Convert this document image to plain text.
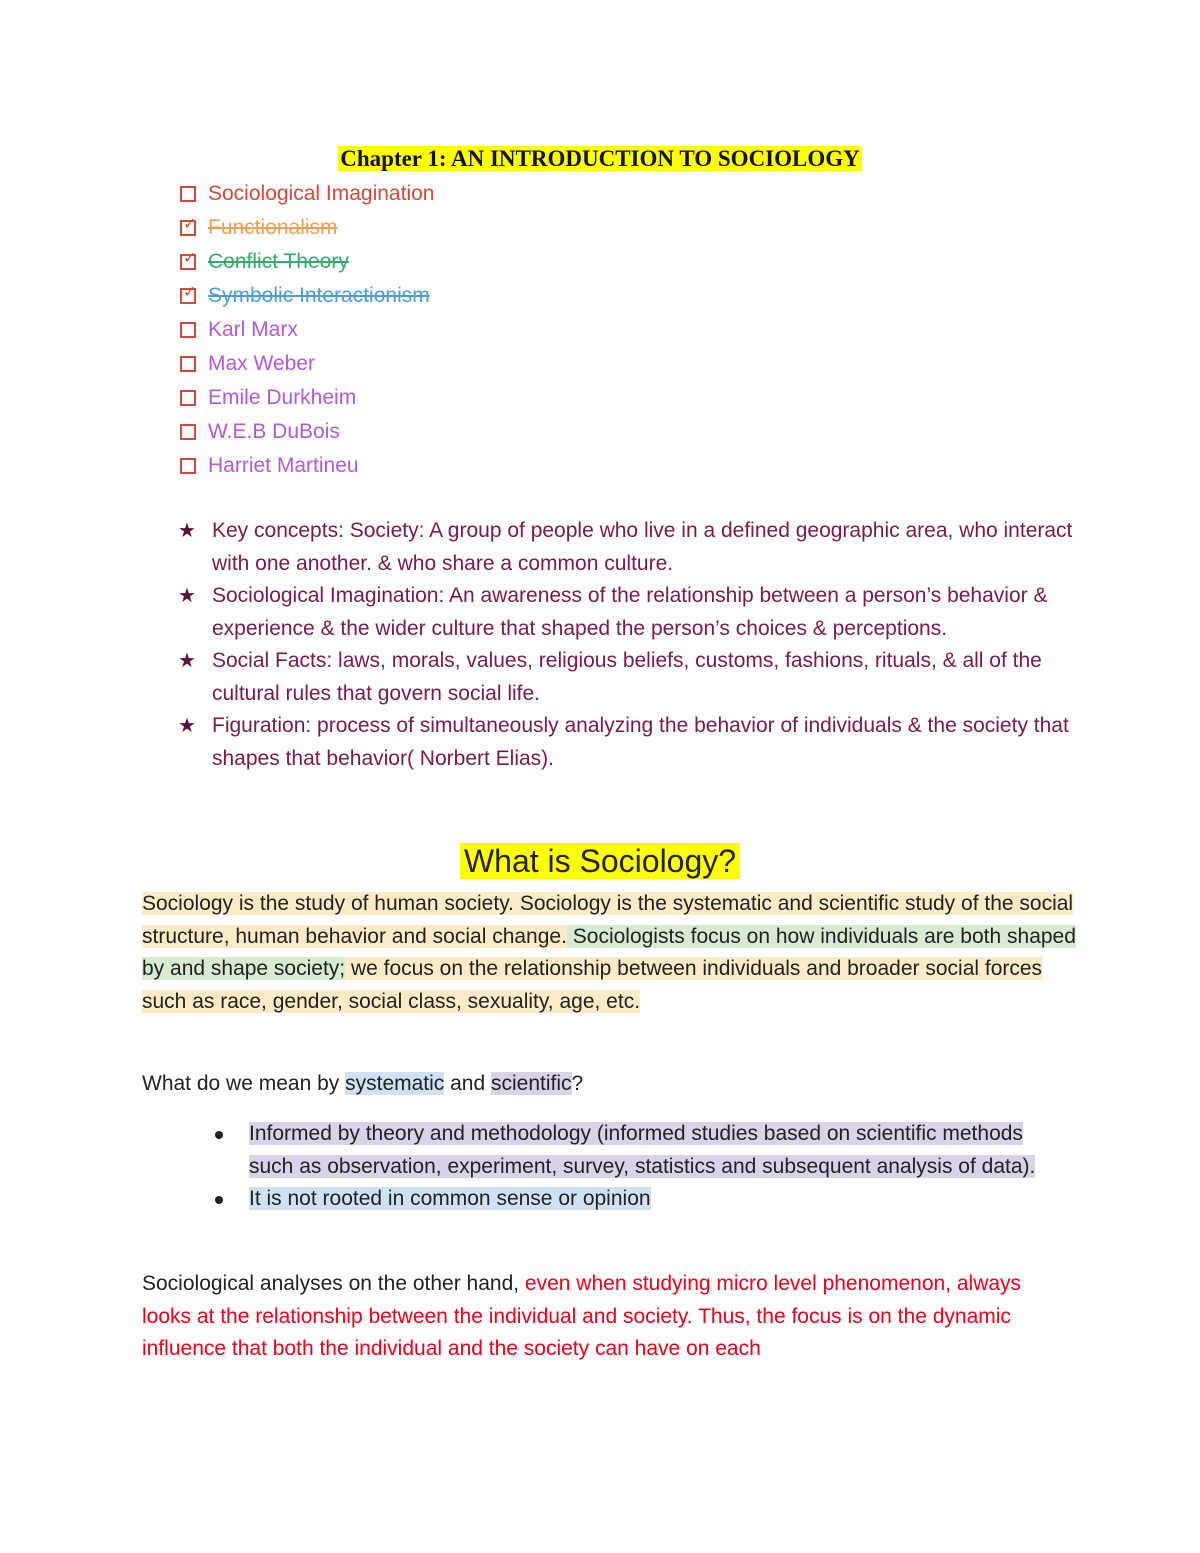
Chapter 1: AN INTRODUCTION TO SOCIOLOGY
Sociological Imagination
✓ Functionalism
✓ Conflict Theory
✓ Symbolic Interactionism
Karl Marx
Max Weber
Emile Durkheim
W.E.B DuBois
Harriet Martineu
★ Key concepts: Society: A group of people who live in a defined geographic area, who interact with one another. & who share a common culture.
★ Sociological Imagination: An awareness of the relationship between a person’s behavior & experience & the wider culture that shaped the person’s choices & perceptions.
★ Social Facts: laws, morals, values, religious beliefs, customs, fashions, rituals, & all of the cultural rules that govern social life.
★ Figuration: process of simultaneously analyzing the behavior of individuals & the society that shapes that behavior( Norbert Elias).
What is Sociology?
Sociology is the study of human society. Sociology is the systematic and scientific study of the social structure, human behavior and social change. Sociologists focus on how individuals are both shaped by and shape society; we focus on the relationship between individuals and broader social forces such as race, gender, social class, sexuality, age, etc.
What do we mean by systematic and scientific?
Informed by theory and methodology (informed studies based on scientific methods such as observation, experiment, survey, statistics and subsequent analysis of data).
It is not rooted in common sense or opinion
Sociological analyses on the other hand, even when studying micro level phenomenon, always looks at the relationship between the individual and society. Thus, the focus is on the dynamic influence that both the individual and the society can have on each
